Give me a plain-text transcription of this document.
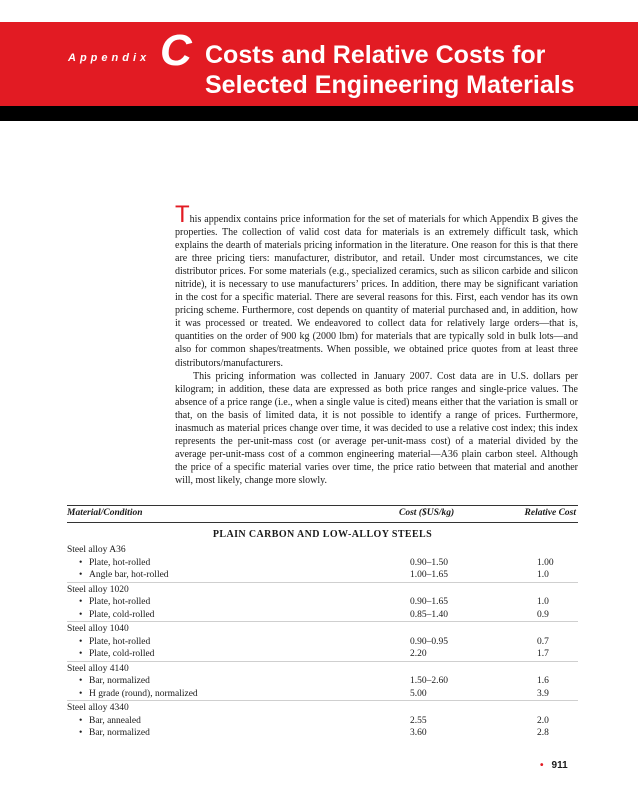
Appendix C Costs and Relative Costs for
Selected Engineering Materials

This appendix contains price information for the set of materials for which Appendix B gives the properties. The collection of valid cost data for materials is an extremely difficult task, which explains the dearth of materials pricing information in the literature. One reason for this is that there are three pricing tiers: manufacturer, distributor, and retail. Under most circumstances, we cite distributor prices. For some materials (e.g., specialized ceramics, such as silicon carbide and silicon nitride), it is necessary to use manufacturers’ prices. In addition, there may be significant variation in the cost for a specific material. There are several reasons for this. First, each vendor has its own pricing scheme. Furthermore, cost depends on quantity of material purchased and, in addition, how it was processed or treated. We endeavored to collect data for relatively large orders—that is, quantities on the order of 900 kg (2000 lbm) for materials that are typically sold in bulk lots—and also for common shapes/treatments. When possible, we obtained price quotes from at least three distributors/manufacturers.

This pricing information was collected in January 2007. Cost data are in U.S. dollars per kilogram; in addition, these data are expressed as both price ranges and single-price values. The absence of a price range (i.e., when a single value is cited) means either that the variation is small or that, on the basis of limited data, it is not possible to identify a range of prices. Furthermore, inasmuch as material prices change over time, it was decided to use a relative cost index; this index represents the per-unit-mass cost (or average per-unit-mass cost) of a material divided by the average per-unit-mass cost of a common engineering material—A36 plain carbon steel. Although the price of a specific material varies over time, the price ratio between that material and another will, most likely, change more slowly.

Material/Condition	Cost ($US/kg)	Relative Cost
PLAIN CARBON AND LOW-ALLOY STEELS
Steel alloy A36
• Plate, hot-rolled	0.90–1.50	1.00
• Angle bar, hot-rolled	1.00–1.65	1.0
Steel alloy 1020
• Plate, hot-rolled	0.90–1.65	1.0
• Plate, cold-rolled	0.85–1.40	0.9
Steel alloy 1040
• Plate, hot-rolled	0.90–0.95	0.7
• Plate, cold-rolled	2.20	1.7
Steel alloy 4140
• Bar, normalized	1.50–2.60	1.6
• H grade (round), normalized	5.00	3.9
Steel alloy 4340
• Bar, annealed	2.55	2.0
• Bar, normalized	3.60	2.8
• 911
